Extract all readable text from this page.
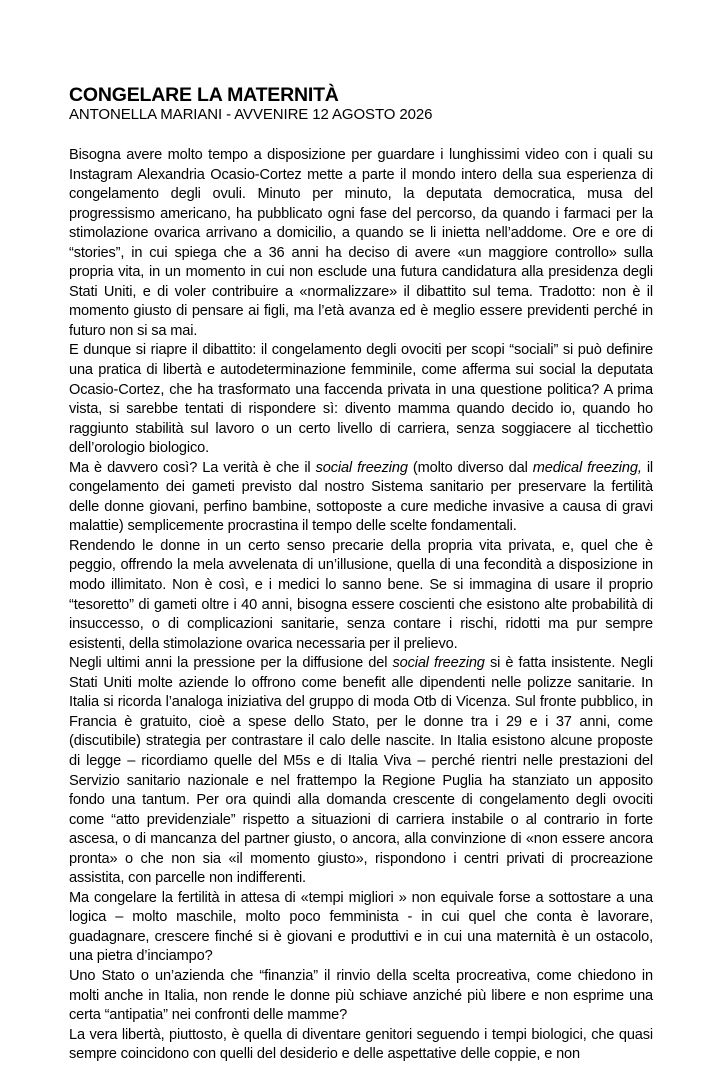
CONGELARE LA MATERNITÀ
ANTONELLA MARIANI - AVVENIRE 12 AGOSTO 2026

Bisogna avere molto tempo a disposizione per guardare i lunghissimi video con i quali su Instagram Alexandria Ocasio-Cortez mette a parte il mondo intero della sua esperienza di congelamento degli ovuli. Minuto per minuto, la deputata democratica, musa del progressismo americano, ha pubblicato ogni fase del percorso, da quando i farmaci per la stimolazione ovarica arrivano a domicilio, a quando se li inietta nell’addome. Ore e ore di “stories”, in cui spiega che a 36 anni ha deciso di avere «un maggiore controllo» sulla propria vita, in un momento in cui non esclude una futura candidatura alla presidenza degli Stati Uniti, e di voler contribuire a «normalizzare» il dibattito sul tema. Tradotto: non è il momento giusto di pensare ai figli, ma l’età avanza ed è meglio essere previdenti perché in futuro non si sa mai.

E dunque si riapre il dibattito: il congelamento degli ovociti per scopi “sociali” si può definire una pratica di libertà e autodeterminazione femminile, come afferma sui social la deputata Ocasio-Cortez, che ha trasformato una faccenda privata in una questione politica? A prima vista, si sarebbe tentati di rispondere sì: divento mamma quando decido io, quando ho raggiunto stabilità sul lavoro o un certo livello di carriera, senza soggiacere al ticchettìo dell’orologio biologico.

Ma è davvero così? La verità è che il social freezing (molto diverso dal medical freezing, il congelamento dei gameti previsto dal nostro Sistema sanitario per preservare la fertilità delle donne giovani, perfino bambine, sottoposte a cure mediche invasive a causa di gravi malattie) semplicemente procrastina il tempo delle scelte fondamentali.

Rendendo le donne in un certo senso precarie della propria vita privata, e, quel che è peggio, offrendo la mela avvelenata di un’illusione, quella di una fecondità a disposizione in modo illimitato. Non è così, e i medici lo sanno bene. Se si immagina di usare il proprio “tesoretto” di gameti oltre i 40 anni, bisogna essere coscienti che esistono alte probabilità di insuccesso, o di complicazioni sanitarie, senza contare i rischi, ridotti ma pur sempre esistenti, della stimolazione ovarica necessaria per il prelievo.

Negli ultimi anni la pressione per la diffusione del social freezing si è fatta insistente. Negli Stati Uniti molte aziende lo offrono come benefit alle dipendenti nelle polizze sanitarie. In Italia si ricorda l’analoga iniziativa del gruppo di moda Otb di Vicenza. Sul fronte pubblico, in Francia è gratuito, cioè a spese dello Stato, per le donne tra i 29 e i 37 anni, come (discutibile) strategia per contrastare il calo delle nascite. In Italia esistono alcune proposte di legge – ricordiamo quelle del M5s e di Italia Viva – perché rientri nelle prestazioni del Servizio sanitario nazionale e nel frattempo la Regione Puglia ha stanziato un apposito fondo una tantum. Per ora quindi alla domanda crescente di congelamento degli ovociti come “atto previdenziale” rispetto a situazioni di carriera instabile o al contrario in forte ascesa, o di mancanza del partner giusto, o ancora, alla convinzione di «non essere ancora pronta» o che non sia «il momento giusto», rispondono i centri privati di procreazione assistita, con parcelle non indifferenti.

Ma congelare la fertilità in attesa di «tempi migliori » non equivale forse a sottostare a una logica – molto maschile, molto poco femminista - in cui quel che conta è lavorare, guadagnare, crescere finché si è giovani e produttivi e in cui una maternità è un ostacolo, una pietra d’inciampo?

Uno Stato o un’azienda che “finanzia” il rinvio della scelta procreativa, come chiedono in molti anche in Italia, non rende le donne più schiave anziché più libere e non esprime una certa “antipatia” nei confronti delle mamme?

La vera libertà, piuttosto, è quella di diventare genitori seguendo i tempi biologici, che quasi sempre coincidono con quelli del desiderio e delle aspettative delle coppie, e non
